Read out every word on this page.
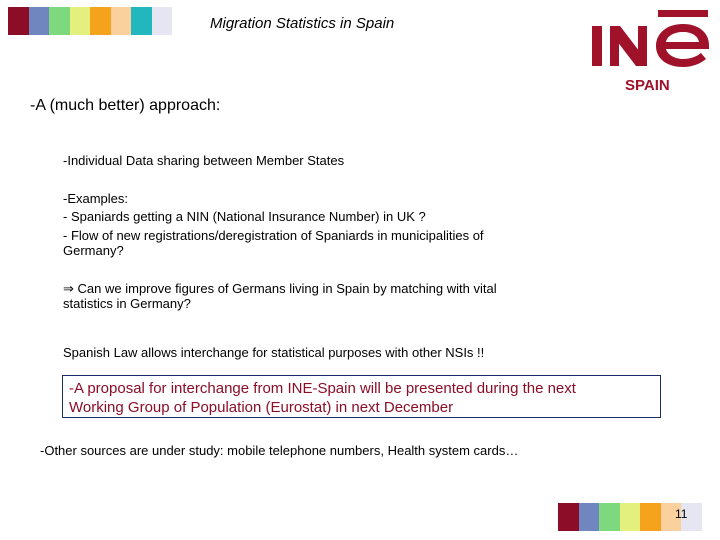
Migration Statistics in Spain
SPAIN
-A (much better) approach:
-Individual Data sharing between Member States
-Examples:
- Spaniards getting a NIN (National Insurance Number) in UK ?
- Flow of new registrations/deregistration of Spaniards in municipalities of
Germany?
⇒ Can we improve figures of Germans living in Spain by matching with vital
statistics in Germany?
Spanish Law allows interchange for statistical purposes with other NSIs !!
-A proposal for interchange from INE-Spain will be presented during the next
Working Group of Population (Eurostat) in next December
-Other sources are under study: mobile telephone numbers, Health system cards…
11
